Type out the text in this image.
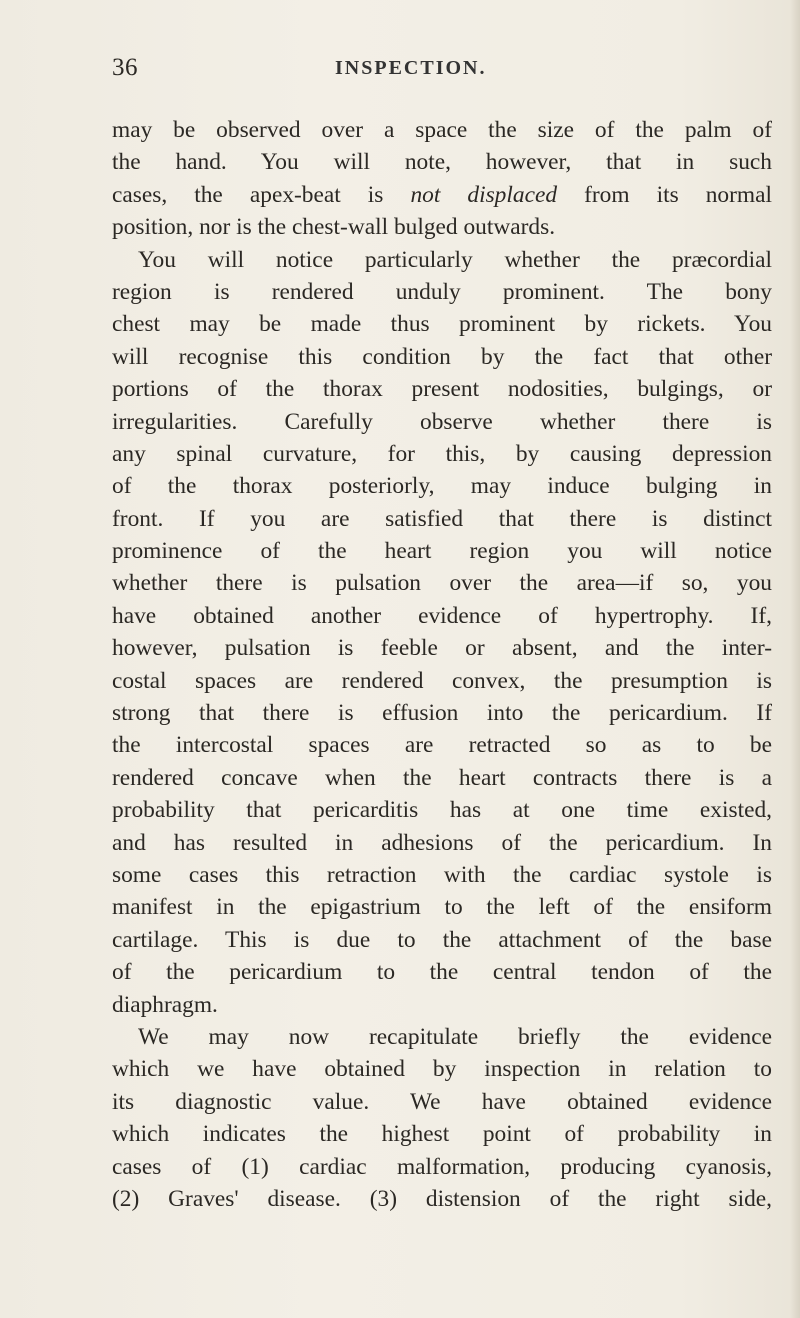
36	INSPECTION.
may be observed over a space the size of the palm of
the hand. You will note, however, that in such
cases, the apex-beat is not displaced from its normal
position, nor is the chest-wall bulged outwards.
You will notice particularly whether the præcordial
region is rendered unduly prominent. The bony
chest may be made thus prominent by rickets. You
will recognise this condition by the fact that other
portions of the thorax present nodosities, bulgings, or
irregularities. Carefully observe whether there is
any spinal curvature, for this, by causing depression
of the thorax posteriorly, may induce bulging in
front. If you are satisfied that there is distinct
prominence of the heart region you will notice
whether there is pulsation over the area—if so, you
have obtained another evidence of hypertrophy. If,
however, pulsation is feeble or absent, and the inter-
costal spaces are rendered convex, the presumption is
strong that there is effusion into the pericardium. If
the intercostal spaces are retracted so as to be
rendered concave when the heart contracts there is a
probability that pericarditis has at one time existed,
and has resulted in adhesions of the pericardium. In
some cases this retraction with the cardiac systole is
manifest in the epigastrium to the left of the ensiform
cartilage. This is due to the attachment of the base
of the pericardium to the central tendon of the
diaphragm.
We may now recapitulate briefly the evidence
which we have obtained by inspection in relation to
its diagnostic value. We have obtained evidence
which indicates the highest point of probability in
cases of (1) cardiac malformation, producing cyanosis,
(2) Graves' disease. (3) distension of the right side,
